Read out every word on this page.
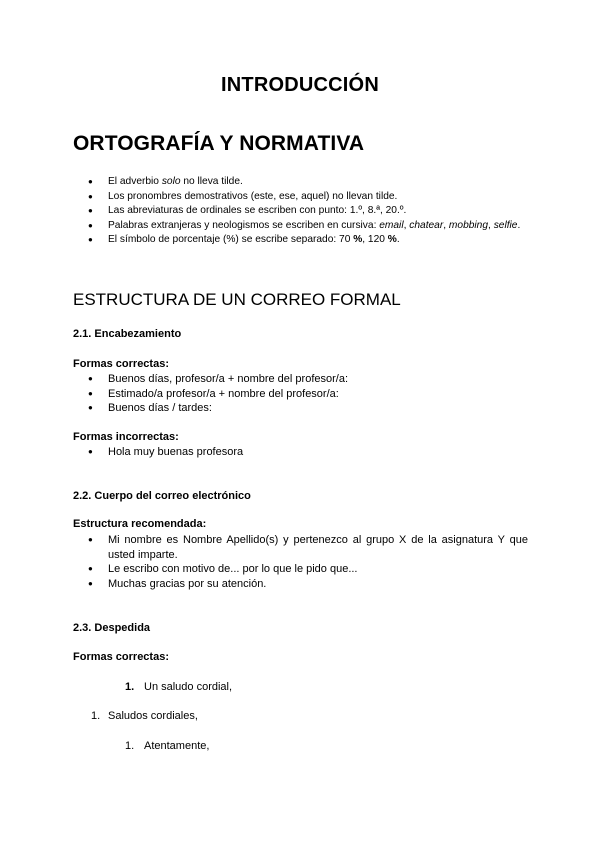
INTRODUCCIÓN
ORTOGRAFÍA Y NORMATIVA
● El adverbio solo no lleva tilde.
● Los pronombres demostrativos (este, ese, aquel) no llevan tilde.
● Las abreviaturas de ordinales se escriben con punto: 1.º, 8.ª, 20.º.
● Palabras extranjeras y neologismos se escriben en cursiva: email, chatear, mobbing, selfie.
● El símbolo de porcentaje (%) se escribe separado: 70 %, 120 %.
ESTRUCTURA DE UN CORREO FORMAL
2.1. Encabezamiento
Formas correctas:
● Buenos días, profesor/a + nombre del profesor/a:
● Estimado/a profesor/a + nombre del profesor/a:
● Buenos días / tardes:
Formas incorrectas:
● Hola muy buenas profesora
2.2. Cuerpo del correo electrónico
Estructura recomendada:
● Mi nombre es Nombre Apellido(s) y pertenezco al grupo X de la asignatura Y que usted imparte.
● Le escribo con motivo de... por lo que le pido que...
● Muchas gracias por su atención.
2.3. Despedida
Formas correctas:
1. Un saludo cordial,
1. Saludos cordiales,
1. Atentamente,
